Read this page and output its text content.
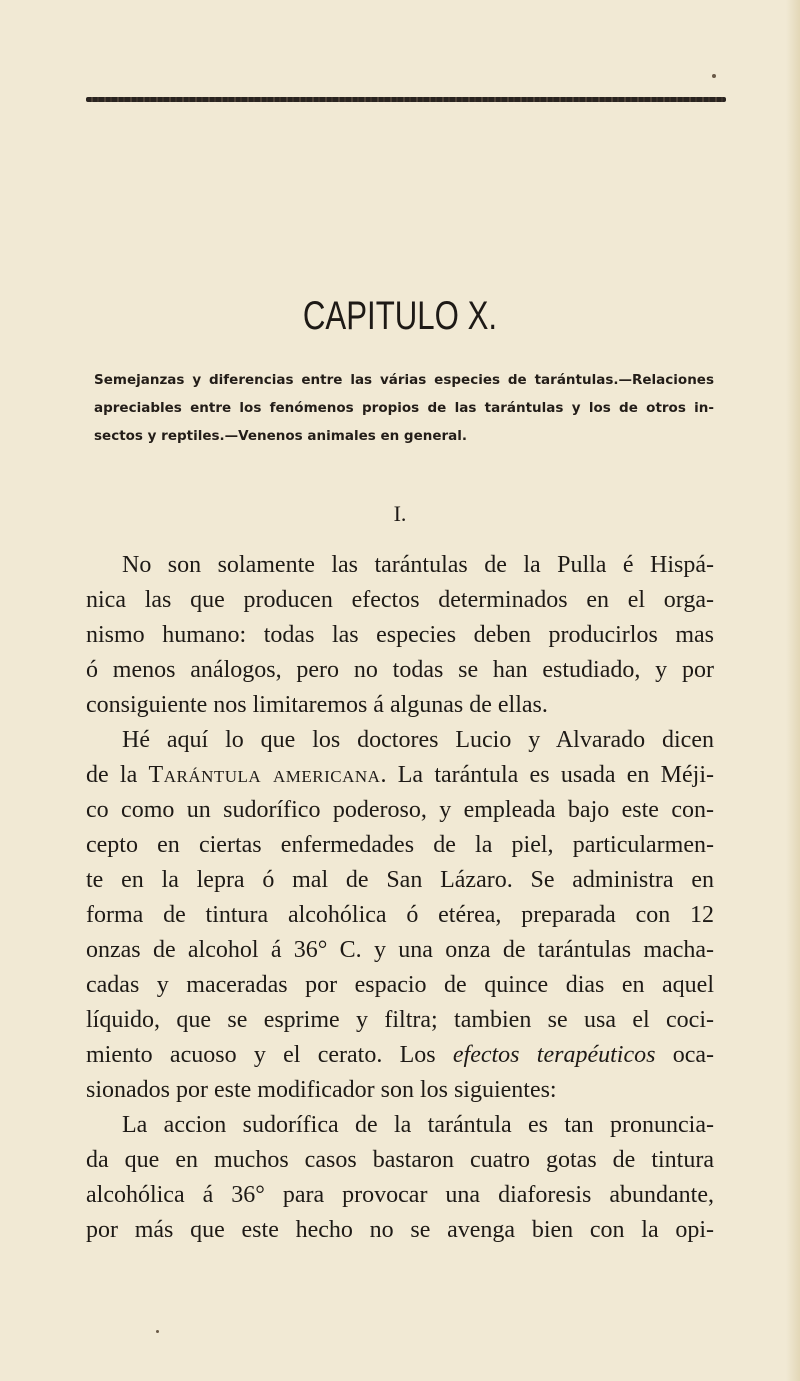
CAPITULO X.
Semejanzas y diferencias entre las várias especies de tarántulas.—Relaciones apreciables entre los fenómenos propios de las tarántulas y los de otros in- sectos y reptiles.—Venenos animales en general.
I.
No son solamente las tarántulas de la Pulla é Hispá-
nica las que producen efectos determinados en el orga-
nismo humano: todas las especies deben producirlos mas
ó menos análogos, pero no todas se han estudiado, y por
consiguiente nos limitaremos á algunas de ellas.
Hé aquí lo que los doctores Lucio y Alvarado dicen
de la Tarántula americana. La tarántula es usada en Méji-
co como un sudorífico poderoso, y empleada bajo este con-
cepto en ciertas enfermedades de la piel, particularmen-
te en la lepra ó mal de San Lázaro. Se administra en
forma de tintura alcohólica ó etérea, preparada con 12
onzas de alcohol á 36° C. y una onza de tarántulas macha-
cadas y maceradas por espacio de quince dias en aquel
líquido, que se esprime y filtra; tambien se usa el coci-
miento acuoso y el cerato. Los efectos terapéuticos oca-
sionados por este modificador son los siguientes:
La accion sudorífica de la tarántula es tan pronuncia-
da que en muchos casos bastaron cuatro gotas de tintura
alcohólica á 36° para provocar una diaforesis abundante,
por más que este hecho no se avenga bien con la opi-
